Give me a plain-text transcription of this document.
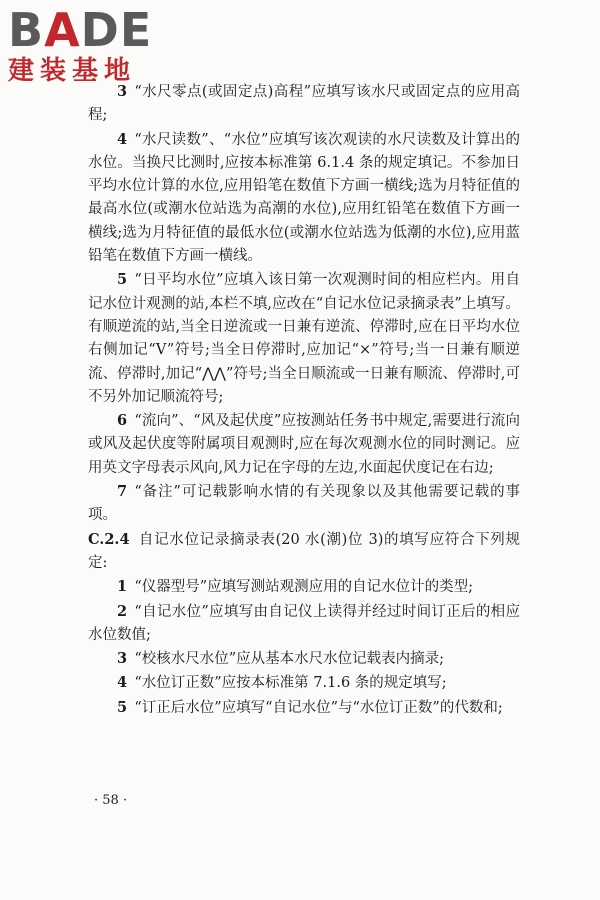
BADE
建装基地

3 “水尺零点(或固定点)高程”应填写该水尺或固定点的应用高程;

4 “水尺读数”、“水位”应填写该次观读的水尺读数及计算出的水位。当换尺比测时,应按本标准第 6.1.4 条的规定填记。不参加日平均水位计算的水位,应用铅笔在数值下方画一横线;选为月特征值的最高水位(或潮水位站选为高潮的水位),应用红铅笔在数值下方画一横线;选为月特征值的最低水位(或潮水位站选为低潮的水位),应用蓝铅笔在数值下方画一横线。

5 “日平均水位”应填入该日第一次观测时间的相应栏内。用自记水位计观测的站,本栏不填,应改在“自记水位记录摘录表”上填写。有顺逆流的站,当全日逆流或一日兼有逆流、停滞时,应在日平均水位右侧加记“V”符号;当全日停滞时,应加记“×”符号;当一日兼有顺逆流、停滞时,加记“⋀⋀”符号;当全日顺流或一日兼有顺流、停滞时,可不另外加记顺流符号;

6 “流向”、“风及起伏度”应按测站任务书中规定,需要进行流向或风及起伏度等附属项目观测时,应在每次观测水位的同时测记。应用英文字母表示风向,风力记在字母的左边,水面起伏度记在右边;

7 “备注”可记载影响水情的有关现象以及其他需要记载的事项。

C.2.4 自记水位记录摘录表(20 水(潮)位 3)的填写应符合下列规定:

1 “仪器型号”应填写测站观测应用的自记水位计的类型;

2 “自记水位”应填写由自记仪上读得并经过时间订正后的相应水位数值;

3 “校核水尺水位”应从基本水尺水位记载表内摘录;

4 “水位订正数”应按本标准第 7.1.6 条的规定填写;

5 “订正后水位”应填写“自记水位”与“水位订正数”的代数和;

· 58 ·
